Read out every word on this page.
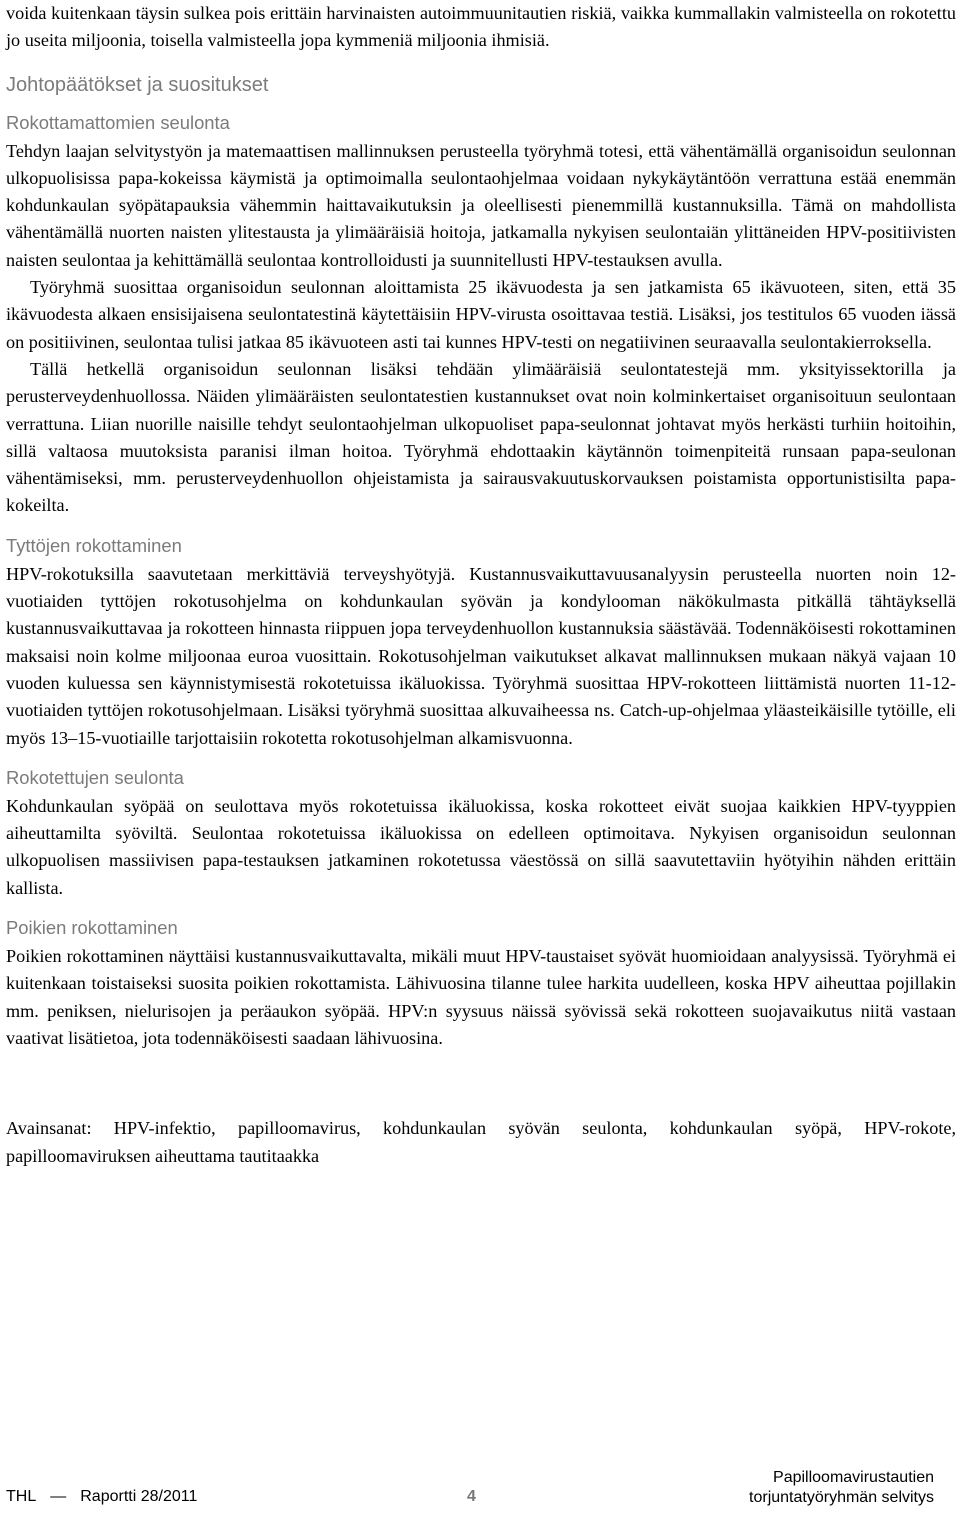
voida kuitenkaan täysin sulkea pois erittäin harvinaisten autoimmuunitautien riskiä, vaikka kummallakin valmisteella on rokotettu jo useita miljoonia, toisella valmisteella jopa kymmeniä miljoonia ihmisiä.

Johtopäätökset ja suositukset
Rokottamattomien seulonta

Tehdyn laajan selvitystyön ja matemaattisen mallinnuksen perusteella työryhmä totesi, että vähentämällä organisoidun seulonnan ulkopuolisissa papa-kokeissa käymistä ja optimoimalla seulontaohjelmaa voidaan nykykäytäntöön verrattuna estää enemmän kohdunkaulan syöpätapauksia vähemmin haittavaikutuksin ja oleellisesti pienemmillä kustannuksilla. Tämä on mahdollista vähentämällä nuorten naisten ylitestausta ja ylimääräisiä hoitoja, jatkamalla nykyisen seulontaiän ylittäneiden HPV-positiivisten naisten seulontaa ja kehittämällä seulontaa kontrolloidusti ja suunnitellusti HPV-testauksen avulla.

Työryhmä suosittaa organisoidun seulonnan aloittamista 25 ikävuodesta ja sen jatkamista 65 ikävuoteen, siten, että 35 ikävuodesta alkaen ensisijaisena seulontatestinä käytettäisiin HPV-virusta osoittavaa testiä. Lisäksi, jos testitulos 65 vuoden iässä on positiivinen, seulontaa tulisi jatkaa 85 ikävuoteen asti tai kunnes HPV-testi on negatiivinen seuraavalla seulontakierroksella.

Tällä hetkellä organisoidun seulonnan lisäksi tehdään ylimääräisiä seulontatestejä mm. yksityissektorilla ja perusterveydenhuollossa. Näiden ylimääräisten seulontatestien kustannukset ovat noin kolminkertaiset organisoituun seulontaan verrattuna. Liian nuorille naisille tehdyt seulontaohjelman ulkopuoliset papa-seulonnat johtavat myös herkästi turhiin hoitoihin, sillä valtaosa muutoksista paranisi ilman hoitoa. Työryhmä ehdottaakin käytännön toimenpiteitä runsaan papa-seulonan vähentämiseksi, mm. perusterveydenhuollon ohjeistamista ja sairausvakuutuskorvauksen poistamista opportunistisilta papa-kokeilta.

Tyttöjen rokottaminen

HPV-rokotuksilla saavutetaan merkittäviä terveyshyötyjä. Kustannusvaikuttavuusanalyysin perusteella nuorten noin 12-vuotiaiden tyttöjen rokotusohjelma on kohdunkaulan syövän ja kondylooman näkökulmasta pitkällä tähtäyksellä kustannusvaikuttavaa ja rokotteen hinnasta riippuen jopa terveydenhuollon kustannuksia säästävää. Todennäköisesti rokottaminen maksaisi noin kolme miljoonaa euroa vuosittain. Rokotusohjelman vaikutukset alkavat mallinnuksen mukaan näkyä vajaan 10 vuoden kuluessa sen käynnistymisestä rokotetuissa ikäluokissa. Työryhmä suosittaa HPV-rokotteen liittämistä nuorten 11-12-vuotiaiden tyttöjen rokotusohjelmaan. Lisäksi työryhmä suosittaa alkuvaiheessa ns. Catch-up-ohjelmaa yläasteikäisille tytöille, eli myös 13–15-vuotiaille tarjottaisiin rokotetta rokotusohjelman alkamisvuonna.

Rokotettujen seulonta

Kohdunkaulan syöpää on seulottava myös rokotetuissa ikäluokissa, koska rokotteet eivät suojaa kaikkien HPV-tyyppien aiheuttamilta syöviltä. Seulontaa rokotetuissa ikäluokissa on edelleen optimoitava. Nykyisen organisoidun seulonnan ulkopuolisen massiivisen papa-testauksen jatkaminen rokotetussa väestössä on sillä saavutettaviin hyötyihin nähden erittäin kallista.

Poikien rokottaminen

Poikien rokottaminen näyttäisi kustannusvaikuttavalta, mikäli muut HPV-taustaiset syövät huomioidaan analyysissä. Työryhmä ei kuitenkaan toistaiseksi suosita poikien rokottamista. Lähivuosina tilanne tulee harkita uudelleen, koska HPV aiheuttaa pojillakin mm. peniksen, nielurisojen ja peräaukon syöpää. HPV:n syysuus näissä syövissä sekä rokotteen suojavaikutus niitä vastaan vaativat lisätietoa, jota todennäköisesti saadaan lähivuosina.

Avainsanat: HPV-infektio, papilloomavirus, kohdunkaulan syövän seulonta, kohdunkaulan syöpä, HPV-rokote, papilloomaviruksen aiheuttama tautitaakka

THL — Raportti 28/2011	4
Papilloomavirustautien
torjuntatyöryhmän selvitys
